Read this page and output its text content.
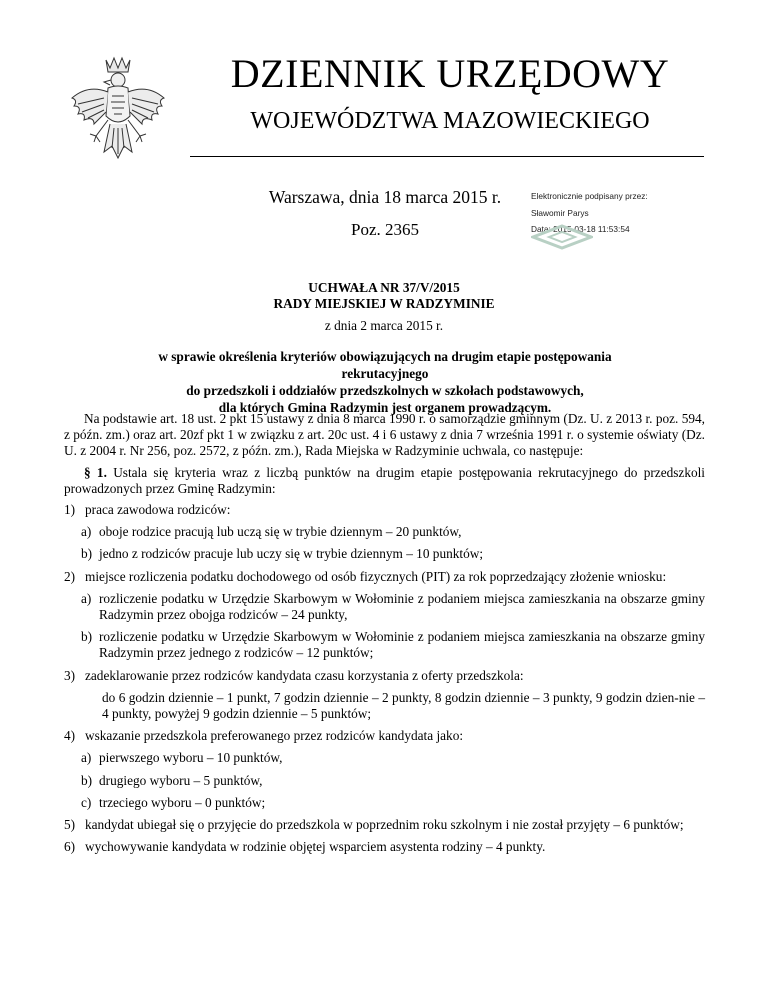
DZIENNIK URZĘDOWY
WOJEWÓDZTWA MAZOWIECKIEGO
Warszawa, dnia 18 marca 2015 r.
Poz. 2365
Elektronicznie podpisany przez:
Sławomir Parys
Data: 2015-03-18 11:53:54
UCHWAŁA NR 37/V/2015
RADY MIEJSKIEJ W RADZYMINIE
z dnia 2 marca 2015 r.
w sprawie określenia kryteriów obowiązujących na drugim etapie postępowania rekrutacyjnego
do przedszkoli i oddziałów przedszkolnych w szkołach podstawowych,
dla których Gmina Radzymin jest organem prowadzącym.

Na podstawie art. 18 ust. 2 pkt 15 ustawy z dnia 8 marca 1990 r. o samorządzie gminnym (Dz. U. z 2013 r. poz. 594, z późn. zm.) oraz art. 20zf pkt 1 w związku z art. 20c ust. 4 i 6 ustawy z dnia 7 września 1991 r. o systemie oświaty (Dz. U. z 2004 r. Nr 256, poz. 2572, z późn. zm.), Rada Miejska w Radzyminie uchwala, co następuje:

§ 1. Ustala się kryteria wraz z liczbą punktów na drugim etapie postępowania rekrutacyjnego do przedszkoli prowadzonych przez Gminę Radzymin:

1) praca zawodowa rodziców:
a) oboje rodzice pracują lub uczą się w trybie dziennym – 20 punktów,
b) jedno z rodziców pracuje lub uczy się w trybie dziennym – 10 punktów;
2) miejsce rozliczenia podatku dochodowego od osób fizycznych (PIT) za rok poprzedzający złożenie wniosku:
a) rozliczenie podatku w Urzędzie Skarbowym w Wołominie z podaniem miejsca zamieszkania na obszarze gminy Radzymin przez obojga rodziców – 24 punkty,
b) rozliczenie podatku w Urzędzie Skarbowym w Wołominie z podaniem miejsca zamieszkania na obszarze gminy Radzymin przez jednego z rodziców – 12 punktów;
3) zadeklarowanie przez rodziców kandydata czasu korzystania z oferty przedszkola:
do 6 godzin dziennie – 1 punkt, 7 godzin dziennie – 2 punkty, 8 godzin dziennie – 3 punkty, 9 godzin dzien-nie – 4 punkty, powyżej 9 godzin dziennie – 5 punktów;
4) wskazanie przedszkola preferowanego przez rodziców kandydata jako:
a) pierwszego wyboru – 10 punktów,
b) drugiego wyboru – 5 punktów,
c) trzeciego wyboru – 0 punktów;
5) kandydat ubiegał się o przyjęcie do przedszkola w poprzednim roku szkolnym i nie został przyjęty – 6 punktów;
6) wychowywanie kandydata w rodzinie objętej wsparciem asystenta rodziny – 4 punkty.
